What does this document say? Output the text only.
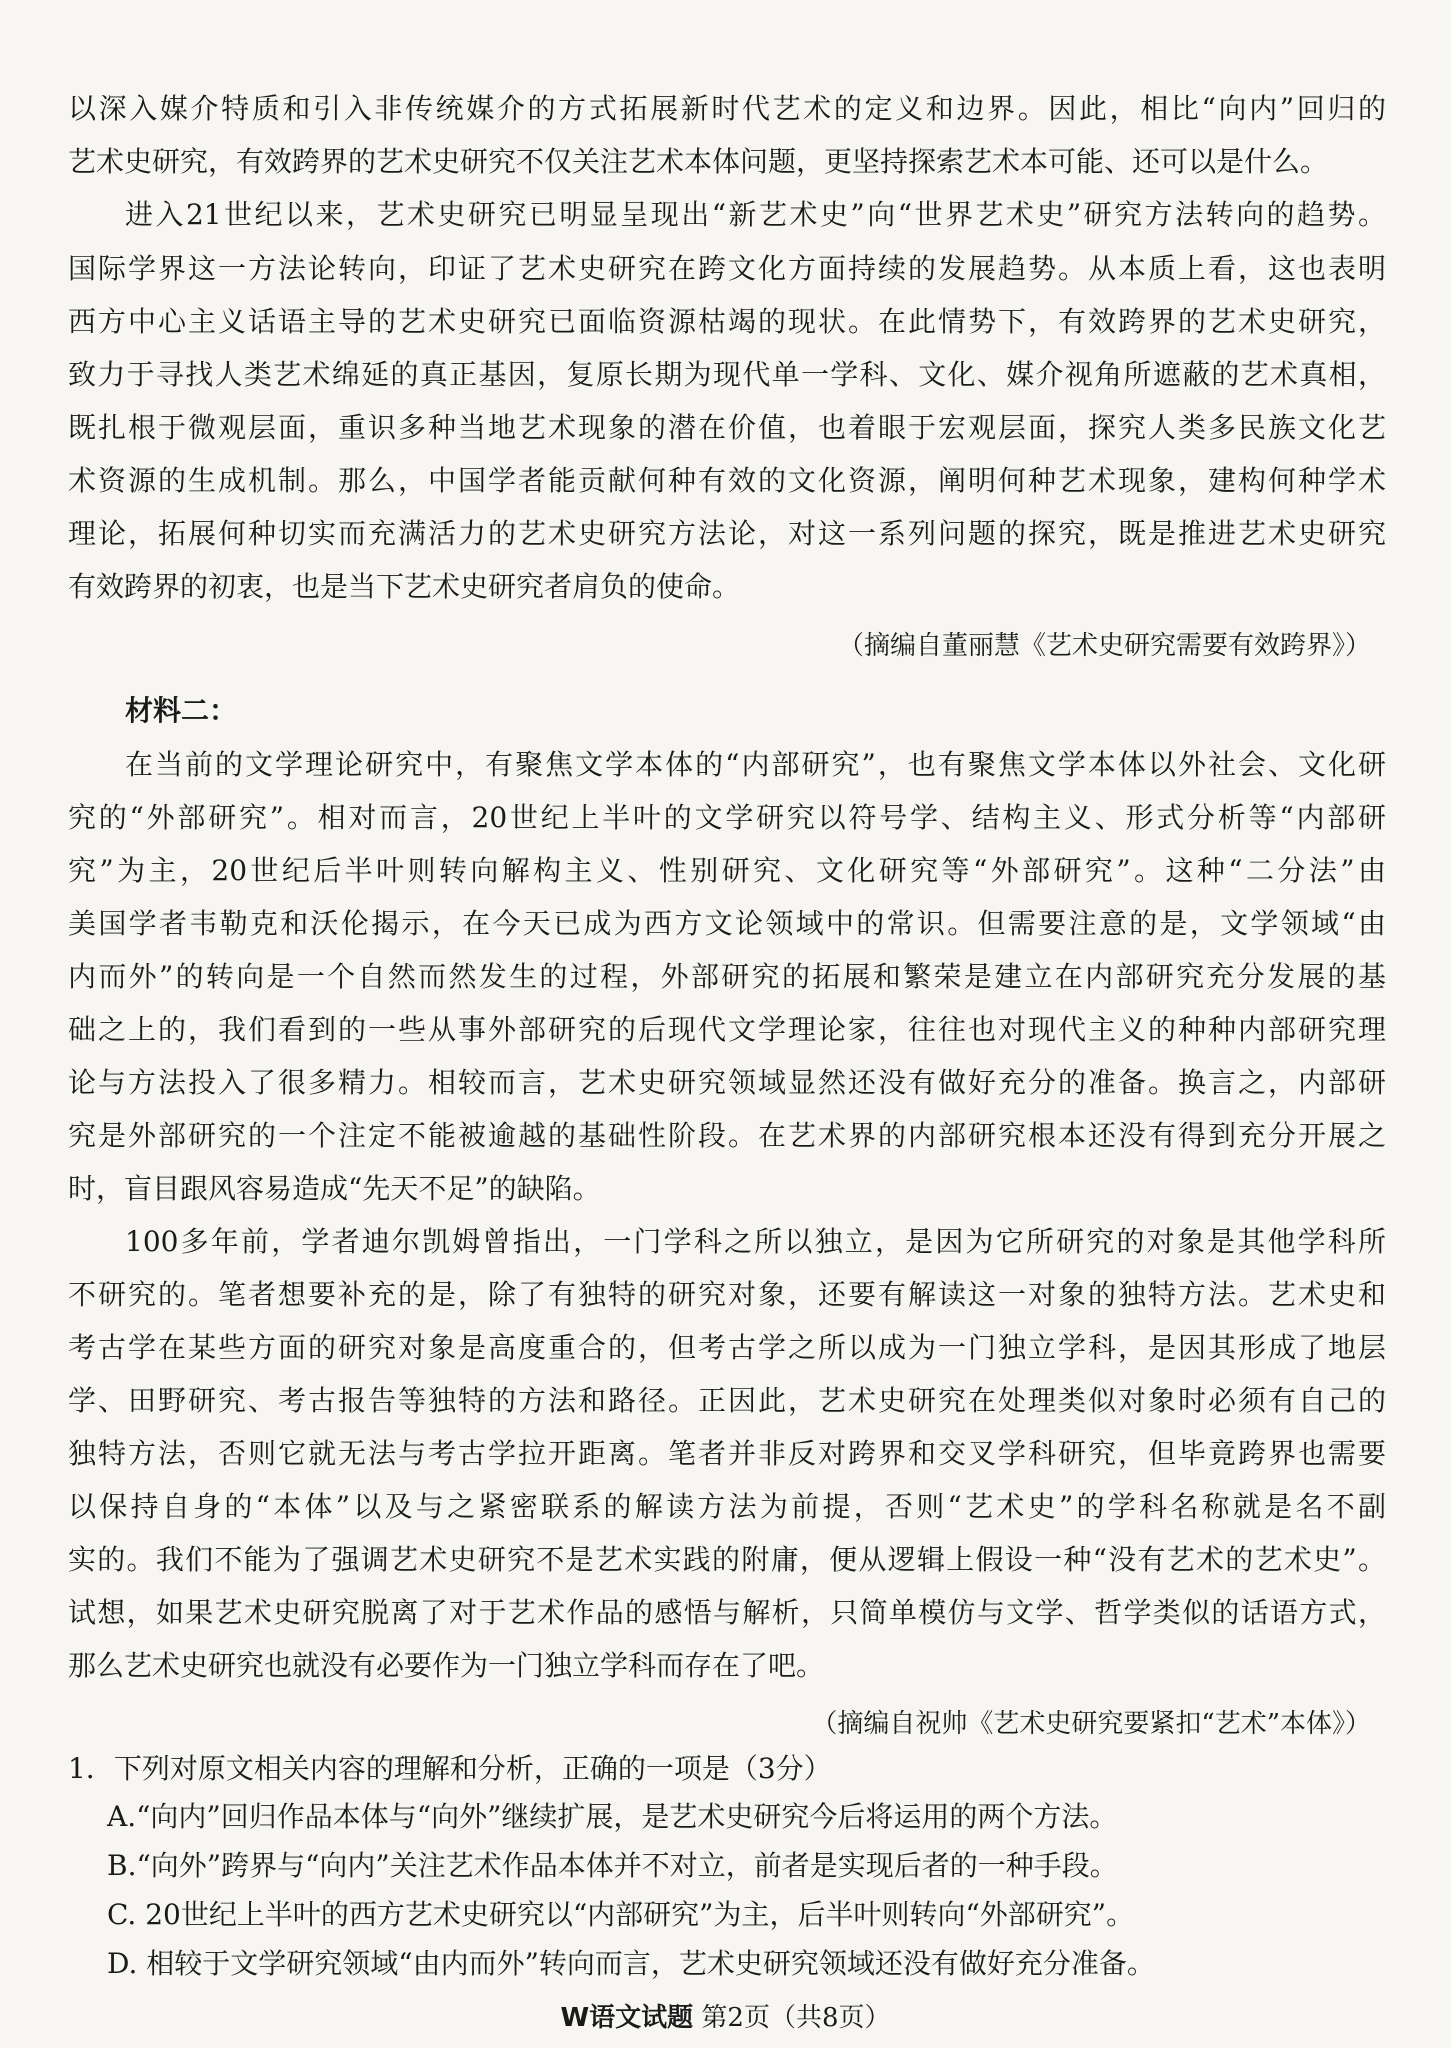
以深入媒介特质和引入非传统媒介的方式拓展新时代艺术的定义和边界。因此，相比“向内”回归的
艺术史研究，有效跨界的艺术史研究不仅关注艺术本体问题，更坚持探索艺术本可能、还可以是什么。
进入21世纪以来，艺术史研究已明显呈现出“新艺术史”向“世界艺术史”研究方法转向的趋势。
国际学界这一方法论转向，印证了艺术史研究在跨文化方面持续的发展趋势。从本质上看，这也表明
西方中心主义话语主导的艺术史研究已面临资源枯竭的现状。在此情势下，有效跨界的艺术史研究，
致力于寻找人类艺术绵延的真正基因，复原长期为现代单一学科、文化、媒介视角所遮蔽的艺术真相，
既扎根于微观层面，重识多种当地艺术现象的潜在价值，也着眼于宏观层面，探究人类多民族文化艺
术资源的生成机制。那么，中国学者能贡献何种有效的文化资源，阐明何种艺术现象，建构何种学术
理论，拓展何种切实而充满活力的艺术史研究方法论，对这一系列问题的探究，既是推进艺术史研究
有效跨界的初衷，也是当下艺术史研究者肩负的使命。
（摘编自董丽慧《艺术史研究需要有效跨界》）
材料二：
在当前的文学理论研究中，有聚焦文学本体的“内部研究”，也有聚焦文学本体以外社会、文化研
究的“外部研究”。相对而言，20世纪上半叶的文学研究以符号学、结构主义、形式分析等“内部研
究”为主，20世纪后半叶则转向解构主义、性别研究、文化研究等“外部研究”。这种“二分法”由
美国学者韦勒克和沃伦揭示，在今天已成为西方文论领域中的常识。但需要注意的是，文学领域“由
内而外”的转向是一个自然而然发生的过程，外部研究的拓展和繁荣是建立在内部研究充分发展的基
础之上的，我们看到的一些从事外部研究的后现代文学理论家，往往也对现代主义的种种内部研究理
论与方法投入了很多精力。相较而言，艺术史研究领域显然还没有做好充分的准备。换言之，内部研
究是外部研究的一个注定不能被逾越的基础性阶段。在艺术界的内部研究根本还没有得到充分开展之
时，盲目跟风容易造成“先天不足”的缺陷。
100多年前，学者迪尔凯姆曾指出，一门学科之所以独立，是因为它所研究的对象是其他学科所
不研究的。笔者想要补充的是，除了有独特的研究对象，还要有解读这一对象的独特方法。艺术史和
考古学在某些方面的研究对象是高度重合的，但考古学之所以成为一门独立学科，是因其形成了地层
学、田野研究、考古报告等独特的方法和路径。正因此，艺术史研究在处理类似对象时必须有自己的
独特方法，否则它就无法与考古学拉开距离。笔者并非反对跨界和交叉学科研究，但毕竟跨界也需要
以保持自身的“本体”以及与之紧密联系的解读方法为前提，否则“艺术史”的学科名称就是名不副
实的。我们不能为了强调艺术史研究不是艺术实践的附庸，便从逻辑上假设一种“没有艺术的艺术史”。
试想，如果艺术史研究脱离了对于艺术作品的感悟与解析，只简单模仿与文学、哲学类似的话语方式，
那么艺术史研究也就没有必要作为一门独立学科而存在了吧。
（摘编自祝帅《艺术史研究要紧扣“艺术”本体》）
1．下列对原文相关内容的理解和分析，正确的一项是（3分）
A.“向内”回归作品本体与“向外”继续扩展，是艺术史研究今后将运用的两个方法。
B.“向外”跨界与“向内”关注艺术作品本体并不对立，前者是实现后者的一种手段。
C. 20世纪上半叶的西方艺术史研究以“内部研究”为主，后半叶则转向“外部研究”。
W语文试题 第2页（共8页）
D. 相较于文学研究领域“由内而外”转向而言，艺术史研究领域还没有做好充分准备。
